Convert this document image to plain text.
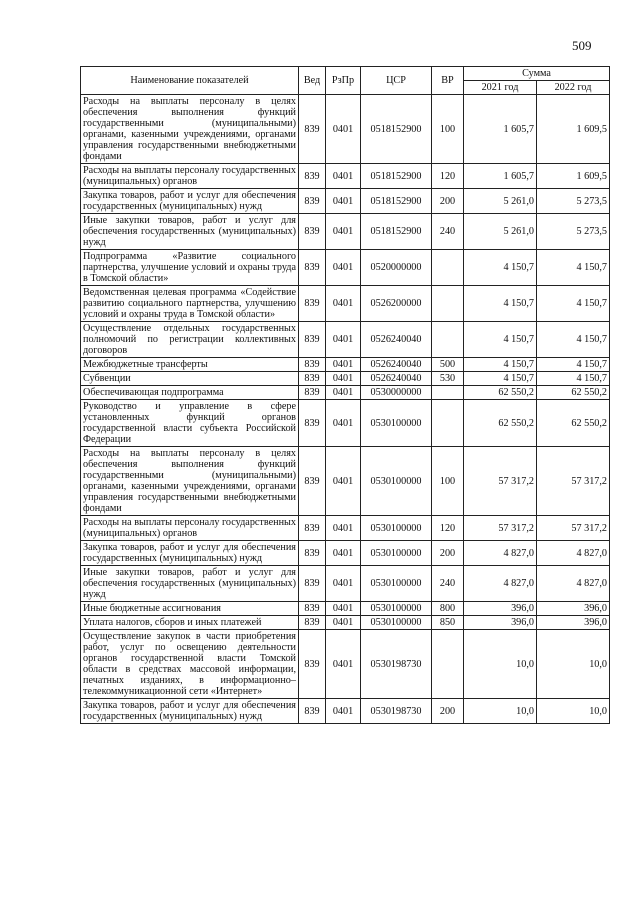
509
Наименование показателей	Вед	РзПр	ЦСР	ВР	Сумма	
					2021 год	2022 год
Расходы на выплаты персоналу в целях обеспечения выполнения функций государственными (муниципальными) органами, казенными учреждениями, органами управления государственными внебюджетными фондами	839	0401	0518152900	100	1 605,7	1 609,5
Расходы на выплаты персоналу государственных (муниципальных) органов	839	0401	0518152900	120	1 605,7	1 609,5
Закупка товаров, работ и услуг для обеспечения государственных (муниципальных) нужд	839	0401	0518152900	200	5 261,0	5 273,5
Иные закупки товаров, работ и услуг для обеспечения государственных (муниципальных) нужд	839	0401	0518152900	240	5 261,0	5 273,5
Подпрограмма «Развитие социального партнерства, улучшение условий и охраны труда в Томской области»	839	0401	0520000000		4 150,7	4 150,7
Ведомственная целевая программа «Содействие развитию социального партнерства, улучшению условий и охраны труда в Томской области»	839	0401	0526200000		4 150,7	4 150,7
Осуществление отдельных государственных полномочий по регистрации коллективных договоров	839	0401	0526240040		4 150,7	4 150,7
Межбюджетные трансферты	839	0401	0526240040	500	4 150,7	4 150,7
Субвенции	839	0401	0526240040	530	4 150,7	4 150,7
Обеспечивающая подпрограмма	839	0401	0530000000		62 550,2	62 550,2
Руководство и управление в сфере установленных функций органов государственной власти субъекта Российской Федерации	839	0401	0530100000		62 550,2	62 550,2
Расходы на выплаты персоналу в целях обеспечения выполнения функций государственными (муниципальными) органами, казенными учреждениями, органами управления государственными внебюджетными фондами	839	0401	0530100000	100	57 317,2	57 317,2
Расходы на выплаты персоналу государственных (муниципальных) органов	839	0401	0530100000	120	57 317,2	57 317,2
Закупка товаров, работ и услуг для обеспечения государственных (муниципальных) нужд	839	0401	0530100000	200	4 827,0	4 827,0
Иные закупки товаров, работ и услуг для обеспечения государственных (муниципальных) нужд	839	0401	0530100000	240	4 827,0	4 827,0
Иные бюджетные ассигнования	839	0401	0530100000	800	396,0	396,0
Уплата налогов, сборов и иных платежей	839	0401	0530100000	850	396,0	396,0
Осуществление закупок в части приобретения работ, услуг по освещению деятельности органов государственной власти Томской области в средствах массовой информации, печатных изданиях, в информационно–телекоммуникационной сети «Интернет»	839	0401	0530198730		10,0	10,0
Закупка товаров, работ и услуг для обеспечения государственных (муниципальных) нужд	839	0401	0530198730	200	10,0	10,0
